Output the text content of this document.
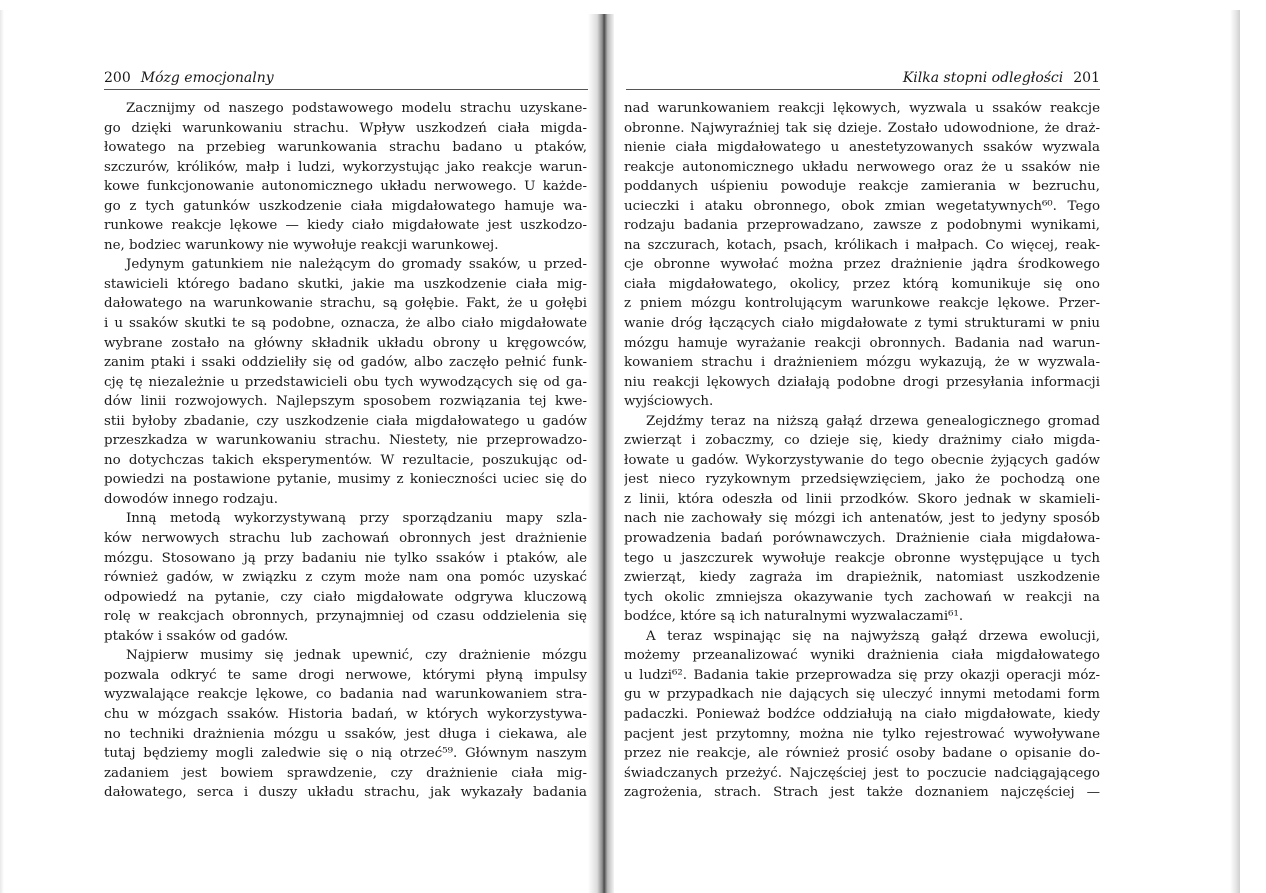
200 Mózg emocjonalny
Zacznijmy od naszego podstawowego modelu strachu uzyskane-
go dzięki warunkowaniu strachu. Wpływ uszkodzeń ciała migda-
łowatego na przebieg warunkowania strachu badano u ptaków,
szczurów, królików, małp i ludzi, wykorzystując jako reakcje warun-
kowe funkcjonowanie autonomicznego układu nerwowego. U każde-
go z tych gatunków uszkodzenie ciała migdałowatego hamuje wa-
runkowe reakcje lękowe — kiedy ciało migdałowate jest uszkodzo-
ne, bodziec warunkowy nie wywołuje reakcji warunkowej.
Jedynym gatunkiem nie należącym do gromady ssaków, u przed-
stawicieli którego badano skutki, jakie ma uszkodzenie ciała mig-
dałowatego na warunkowanie strachu, są gołębie. Fakt, że u gołębi
i u ssaków skutki te są podobne, oznacza, że albo ciało migdałowate
wybrane zostało na główny składnik układu obrony u kręgowców,
zanim ptaki i ssaki oddzieliły się od gadów, albo zaczęło pełnić funk-
cję tę niezależnie u przedstawicieli obu tych wywodzących się od ga-
dów linii rozwojowych. Najlepszym sposobem rozwiązania tej kwe-
stii byłoby zbadanie, czy uszkodzenie ciała migdałowatego u gadów
przeszkadza w warunkowaniu strachu. Niestety, nie przeprowadzo-
no dotychczas takich eksperymentów. W rezultacie, poszukując od-
powiedzi na postawione pytanie, musimy z konieczności uciec się do
dowodów innego rodzaju.
Inną metodą wykorzystywaną przy sporządzaniu mapy szla-
ków nerwowych strachu lub zachowań obronnych jest drażnienie
mózgu. Stosowano ją przy badaniu nie tylko ssaków i ptaków, ale
również gadów, w związku z czym może nam ona pomóc uzyskać
odpowiedź na pytanie, czy ciało migdałowate odgrywa kluczową
rolę w reakcjach obronnych, przynajmniej od czasu oddzielenia się
ptaków i ssaków od gadów.
Najpierw musimy się jednak upewnić, czy drażnienie mózgu
pozwala odkryć te same drogi nerwowe, którymi płyną impulsy
wyzwalające reakcje lękowe, co badania nad warunkowaniem stra-
chu w mózgach ssaków. Historia badań, w których wykorzystywa-
no techniki drażnienia mózgu u ssaków, jest długa i ciekawa, ale
tutaj będziemy mogli zaledwie się o nią otrzeć⁵⁹. Głównym naszym
zadaniem jest bowiem sprawdzenie, czy drażnienie ciała mig-
dałowatego, serca i duszy układu strachu, jak wykazały badania
Kilka stopni odległości 201
nad warunkowaniem reakcji lękowych, wyzwala u ssaków reakcje
obronne. Najwyraźniej tak się dzieje. Zostało udowodnione, że draż-
nienie ciała migdałowatego u anestetyzowanych ssaków wyzwala
reakcje autonomicznego układu nerwowego oraz że u ssaków nie
poddanych uśpieniu powoduje reakcje zamierania w bezruchu,
ucieczki i ataku obronnego, obok zmian wegetatywnych⁶⁰. Tego
rodzaju badania przeprowadzano, zawsze z podobnymi wynikami,
na szczurach, kotach, psach, królikach i małpach. Co więcej, reak-
cje obronne wywołać można przez drażnienie jądra środkowego
ciała migdałowatego, okolicy, przez którą komunikuje się ono
z pniem mózgu kontrolującym warunkowe reakcje lękowe. Przer-
wanie dróg łączących ciało migdałowate z tymi strukturami w pniu
mózgu hamuje wyrażanie reakcji obronnych. Badania nad warun-
kowaniem strachu i drażnieniem mózgu wykazują, że w wyzwala-
niu reakcji lękowych działają podobne drogi przesyłania informacji
wyjściowych.
Zejdźmy teraz na niższą gałąź drzewa genealogicznego gromad
zwierząt i zobaczmy, co dzieje się, kiedy drażnimy ciało migda-
łowate u gadów. Wykorzystywanie do tego obecnie żyjących gadów
jest nieco ryzykownym przedsięwzięciem, jako że pochodzą one
z linii, która odeszła od linii przodków. Skoro jednak w skamieli-
nach nie zachowały się mózgi ich antenatów, jest to jedyny sposób
prowadzenia badań porównawczych. Drażnienie ciała migdałowa-
tego u jaszczurek wywołuje reakcje obronne występujące u tych
zwierząt, kiedy zagraża im drapieżnik, natomiast uszkodzenie
tych okolic zmniejsza okazywanie tych zachowań w reakcji na
bodźce, które są ich naturalnymi wyzwalaczami⁶¹.
A teraz wspinając się na najwyższą gałąź drzewa ewolucji,
możemy przeanalizować wyniki drażnienia ciała migdałowatego
u ludzi⁶². Badania takie przeprowadza się przy okazji operacji móz-
gu w przypadkach nie dających się uleczyć innymi metodami form
padaczki. Ponieważ bodźce oddziałują na ciało migdałowate, kiedy
pacjent jest przytomny, można nie tylko rejestrować wywoływane
przez nie reakcje, ale również prosić osoby badane o opisanie do-
świadczanych przeżyć. Najczęściej jest to poczucie nadciągającego
zagrożenia, strach. Strach jest także doznaniem najczęściej —
